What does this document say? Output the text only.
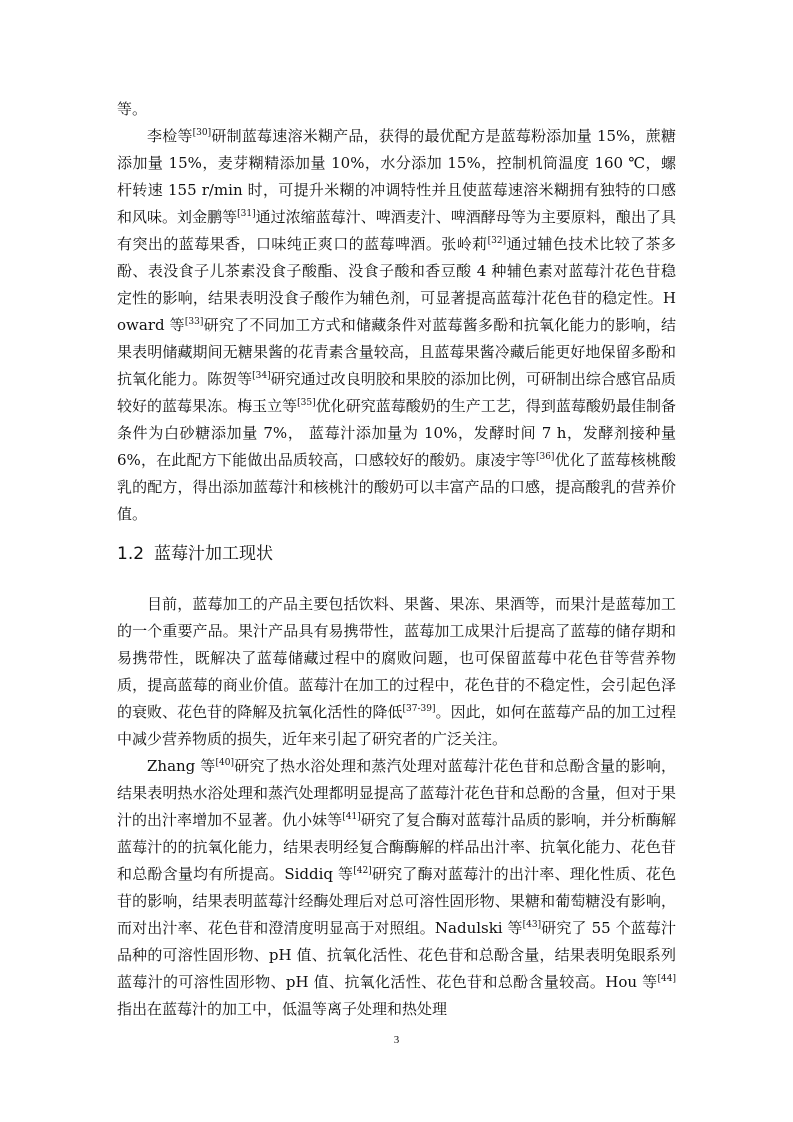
等。

李检等[30]研制蓝莓速溶米糊产品，获得的最优配方是蓝莓粉添加量 15%，蔗糖添加量 15%，麦芽糊精添加量 10%，水分添加 15%，控制机筒温度 160 ℃，螺杆转速 155 r/min 时，可提升米糊的冲调特性并且使蓝莓速溶米糊拥有独特的口感和风味。刘金鹏等[31]通过浓缩蓝莓汁、啤酒麦汁、啤酒酵母等为主要原料，酿出了具有突出的蓝莓果香，口味纯正爽口的蓝莓啤酒。张岭莉[32]通过辅色技术比较了茶多酚、表没食子儿茶素没食子酸酯、没食子酸和香豆酸 4 种辅色素对蓝莓汁花色苷稳定性的影响，结果表明没食子酸作为辅色剂，可显著提高蓝莓汁花色苷的稳定性。Howard 等[33]研究了不同加工方式和储藏条件对蓝莓酱多酚和抗氧化能力的影响，结果表明储藏期间无糖果酱的花青素含量较高，且蓝莓果酱冷藏后能更好地保留多酚和抗氧化能力。陈贺等[34]研究通过改良明胶和果胶的添加比例，可研制出综合感官品质较好的蓝莓果冻。梅玉立等[35]优化研究蓝莓酸奶的生产工艺，得到蓝莓酸奶最佳制备条件为白砂糖添加量 7%， 蓝莓汁添加量为 10%，发酵时间 7 h，发酵剂接种量 6%，在此配方下能做出品质较高，口感较好的酸奶。康凌宇等[36]优化了蓝莓核桃酸乳的配方，得出添加蓝莓汁和核桃汁的酸奶可以丰富产品的口感，提高酸乳的营养价值。

1.2 蓝莓汁加工现状

目前，蓝莓加工的产品主要包括饮料、果酱、果冻、果酒等，而果汁是蓝莓加工的一个重要产品。果汁产品具有易携带性，蓝莓加工成果汁后提高了蓝莓的储存期和易携带性，既解决了蓝莓储藏过程中的腐败问题，也可保留蓝莓中花色苷等营养物质，提高蓝莓的商业价值。蓝莓汁在加工的过程中，花色苷的不稳定性，会引起色泽的衰败、花色苷的降解及抗氧化活性的降低[37-39]。因此，如何在蓝莓产品的加工过程中减少营养物质的损失，近年来引起了研究者的广泛关注。

Zhang 等[40]研究了热水浴处理和蒸汽处理对蓝莓汁花色苷和总酚含量的影响，结果表明热水浴处理和蒸汽处理都明显提高了蓝莓汁花色苷和总酚的含量，但对于果汁的出汁率增加不显著。仇小妹等[41]研究了复合酶对蓝莓汁品质的影响，并分析酶解蓝莓汁的的抗氧化能力，结果表明经复合酶酶解的样品出汁率、抗氧化能力、花色苷和总酚含量均有所提高。Siddiq 等[42]研究了酶对蓝莓汁的出汁率、理化性质、花色苷的影响，结果表明蓝莓汁经酶处理后对总可溶性固形物、果糖和葡萄糖没有影响，而对出汁率、花色苷和澄清度明显高于对照组。Nadulski 等[43]研究了 55 个蓝莓汁品种的可溶性固形物、pH 值、抗氧化活性、花色苷和总酚含量，结果表明兔眼系列蓝莓汁的可溶性固形物、pH 值、抗氧化活性、花色苷和总酚含量较高。Hou 等[44]指出在蓝莓汁的加工中，低温等离子处理和热处理

3
